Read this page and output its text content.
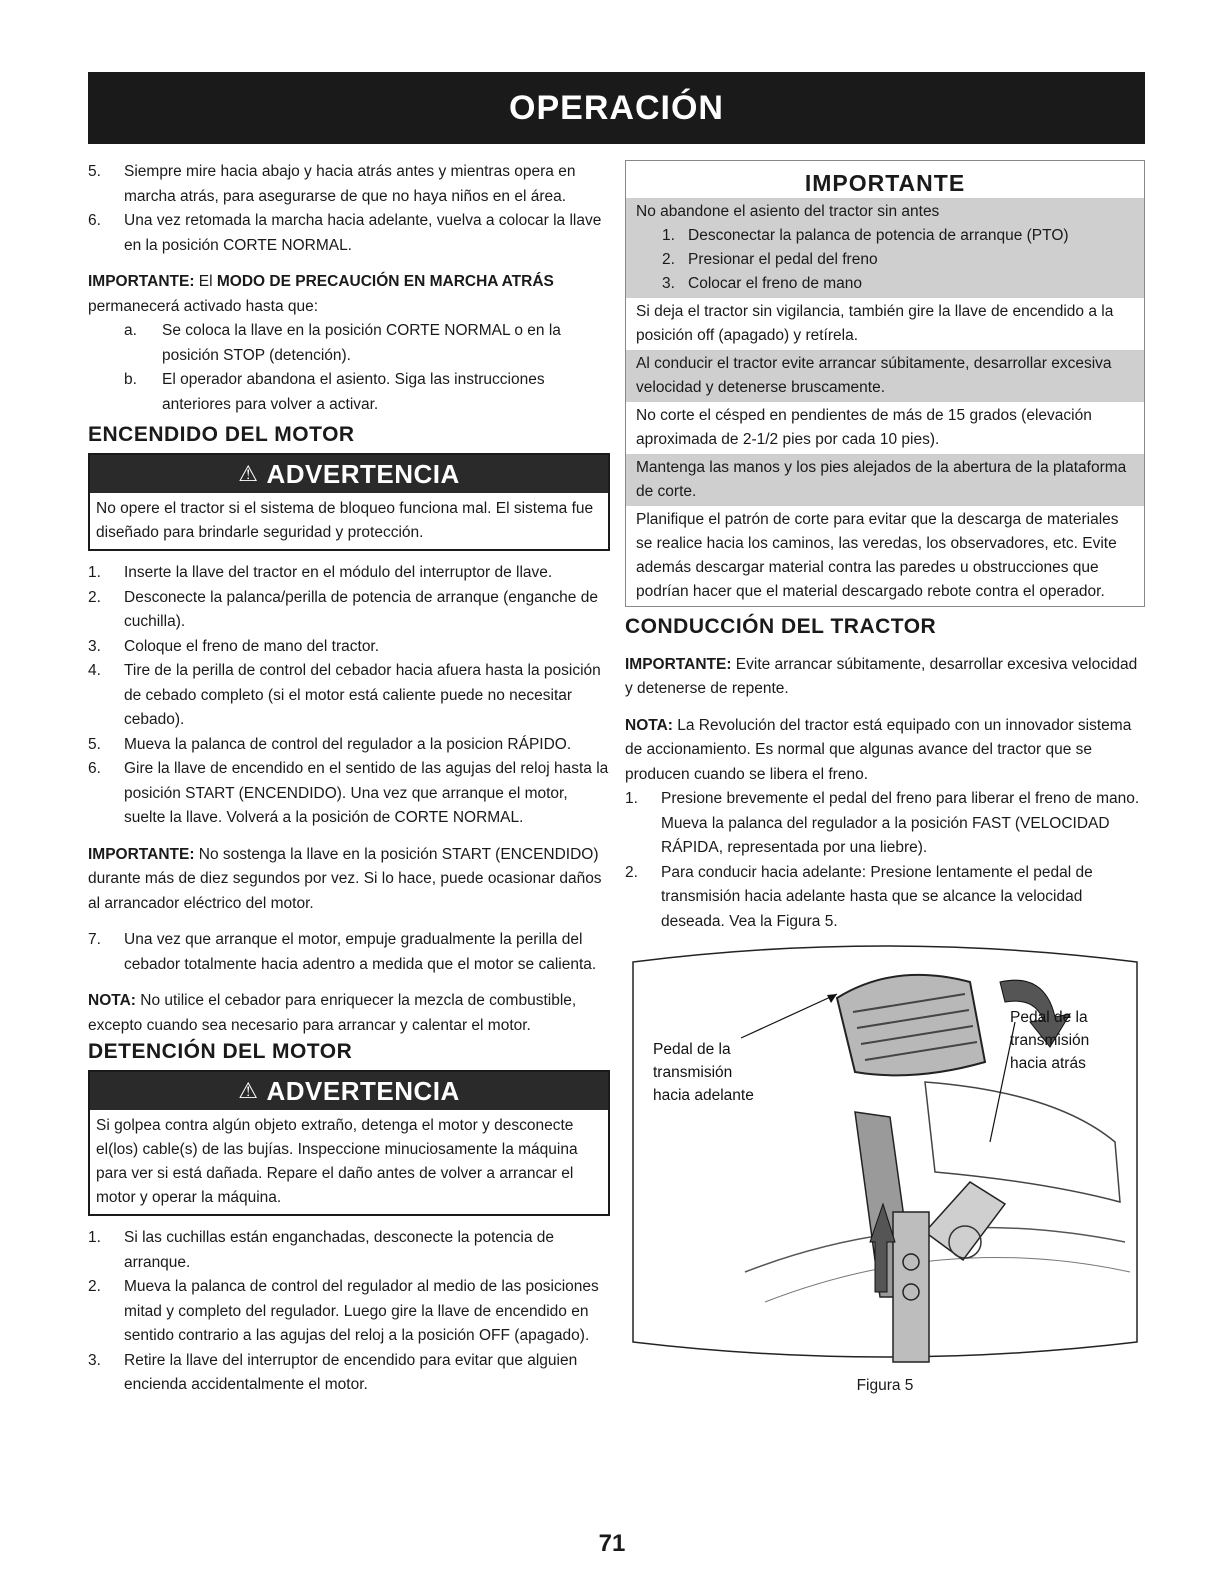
OPERACIÓN
5.	Siempre mire hacia abajo y hacia atrás antes y mientras opera en marcha atrás, para asegurarse de que no haya niños en el área.
6.	Una vez retomada la marcha hacia adelante, vuelva a colocar la llave en la posición CORTE NORMAL.

IMPORTANTE: El MODO DE PRECAUCIÓN EN MARCHA ATRÁS permanecerá activado hasta que:

a.	Se coloca la llave en la posición CORTE NORMAL o en la posición STOP (detención).
b.	El operador abandona el asiento. Siga las instrucciones anteriores para volver a activar.
ENCENDIDO DEL MOTOR
⚠ ADVERTENCIA
No opere el tractor si el sistema de bloqueo funciona mal. El sistema fue diseñado para brindarle seguridad y protección.
1.	Inserte la llave del tractor en el módulo del interruptor de llave.
2.	Desconecte la palanca/perilla de potencia de arranque (enganche de cuchilla).
3.	Coloque el freno de mano del tractor.
4.	Tire de la perilla de control del cebador hacia afuera hasta la posición de cebado completo (si el motor está caliente puede no necesitar cebado).
5.	Mueva la palanca de control del regulador a la posicion RÁPIDO.
6.	Gire la llave de encendido en el sentido de las agujas del reloj hasta la posición START (ENCENDIDO). Una vez que arranque el motor, suelte la llave. Volverá a la posición de CORTE NORMAL.

IMPORTANTE: No sostenga la llave en la posición START (ENCENDIDO) durante más de diez segundos por vez. Si lo hace, puede ocasionar daños al arrancador eléctrico del motor.

7.	Una vez que arranque el motor, empuje gradualmente la perilla del cebador totalmente hacia adentro a medida que el motor se calienta.

NOTA: No utilice el cebador para enriquecer la mezcla de combustible, excepto cuando sea necesario para arrancar y calentar el motor.

DETENCIÓN DEL MOTOR
⚠ ADVERTENCIA
Si golpea contra algún objeto extraño, detenga el motor y desconecte el(los) cable(s) de las bujías. Inspeccione minuciosamente la máquina para ver si está dañada. Repare el daño antes de volver a arrancar el motor y operar la máquina.
1.	Si las cuchillas están enganchadas, desconecte la potencia de arranque.
2.	Mueva la palanca de control del regulador al medio de las posiciones mitad y completo del regulador. Luego gire la llave de encendido en sentido contrario a las agujas del reloj a la posición OFF (apagado).
3.	Retire la llave del interruptor de encendido para evitar que alguien encienda accidentalmente el motor.
IMPORTANTE
No abandone el asiento del tractor sin antes
1. Desconectar la palanca de potencia de arranque (PTO)
2. Presionar el pedal del freno
3. Colocar el freno de mano
Si deja el tractor sin vigilancia, también gire la llave de encendido a la posición off (apagado) y retírela.
Al conducir el tractor evite arrancar súbitamente, desarrollar excesiva velocidad y detenerse bruscamente.
No corte el césped en pendientes de más de 15 grados (elevación aproximada de 2-1/2 pies por cada 10 pies).
Mantenga las manos y los pies alejados de la abertura de la plataforma de corte.
Planifique el patrón de corte para evitar que la descarga de materiales se realice hacia los caminos, las veredas, los observadores, etc. Evite además descargar material contra las paredes u obstrucciones que podrían hacer que el material descargado rebote contra el operador.
CONDUCCIÓN DEL TRACTOR

IMPORTANTE: Evite arrancar súbitamente, desarrollar excesiva velocidad y detenerse de repente.

NOTA: La Revolución del tractor está equipado con un innovador sistema de accionamiento. Es normal que algunas avance del tractor que se producen cuando se libera el freno.

1.	Presione brevemente el pedal del freno para liberar el freno de mano. Mueva la palanca del regulador a la posición FAST (VELOCIDAD RÁPIDA, representada por una liebre).
2.	Para conducir hacia adelante: Presione lentamente el pedal de transmisión hacia adelante hasta que se alcance la velocidad deseada. Vea la Figura 5.
Pedal de la
transmisión
hacia adelante
Pedal de la
transmisión
hacia atrás
Figura 5
71
